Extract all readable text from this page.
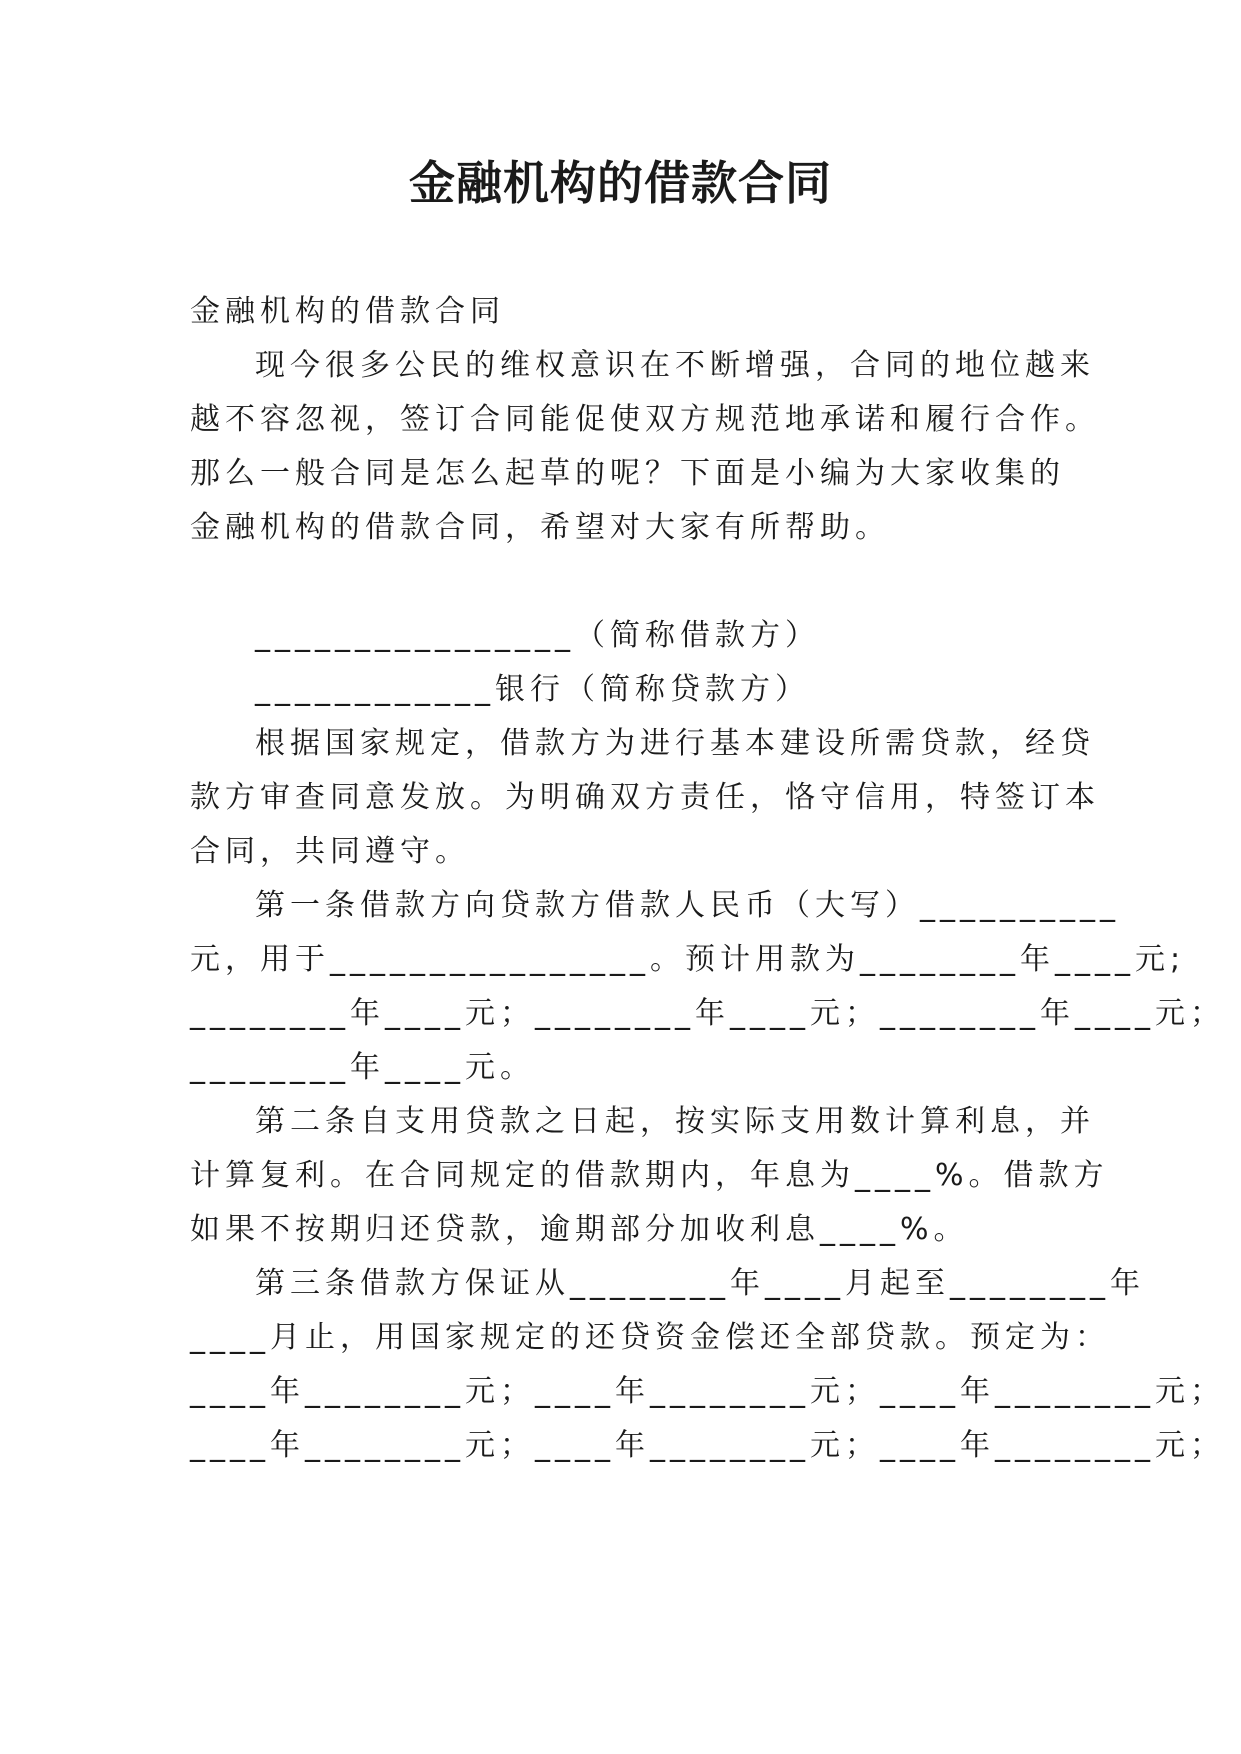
金融机构的借款合同

金融机构的借款合同

现今很多公民的维权意识在不断增强，合同的地位越来

越不容忽视，签订合同能促使双方规范地承诺和履行合作。

那么一般合同是怎么起草的呢？下面是小编为大家收集的

金融机构的借款合同，希望对大家有所帮助。

________________（简称借款方）

____________银行（简称贷款方）

根据国家规定，借款方为进行基本建设所需贷款，经贷

款方审查同意发放。为明确双方责任，恪守信用，特签订本

合同，共同遵守。

第一条借款方向贷款方借款人民币（大写）__________

元，用于________________。预计用款为________年____元;

________年____元；________年____元；________年____元；

________年____元。

第二条自支用贷款之日起，按实际支用数计算利息，并

计算复利。在合同规定的借款期内，年息为____%。借款方

如果不按期归还贷款，逾期部分加收利息____%。

第三条借款方保证从________年____月起至________年

____月止，用国家规定的还贷资金偿还全部贷款。预定为：

____年________元；____年________元；____年________元；

____年________元；____年________元；____年________元；
